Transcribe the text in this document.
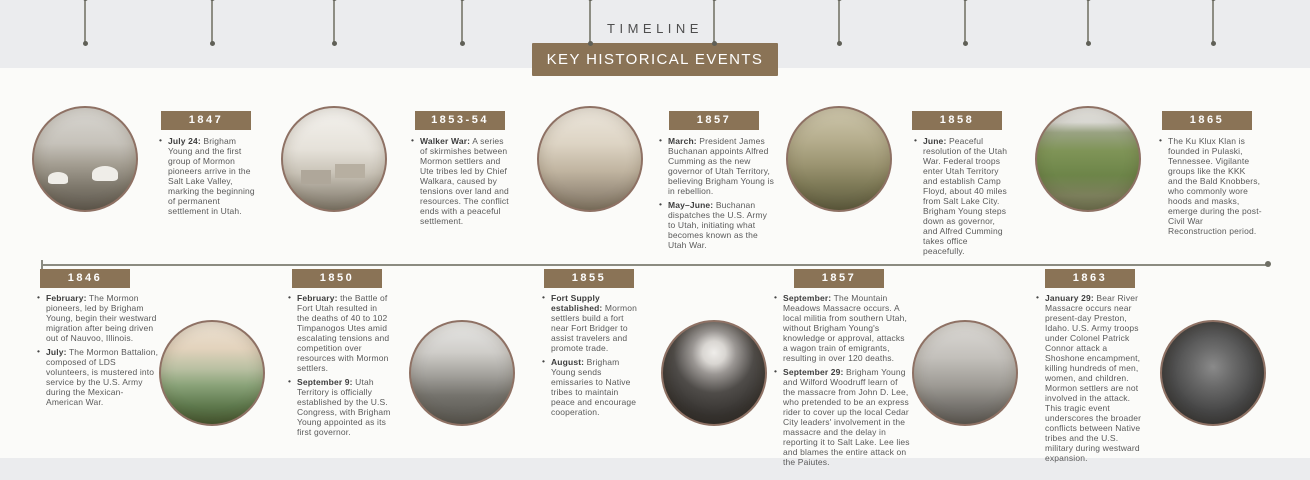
TIMELINE
KEY HISTORICAL EVENTS
1846
• February: The Mormon pioneers, led by Brigham Young, begin their westward migration after being driven out of Nauvoo, Illinois.
• July: The Mormon Battalion, composed of LDS volunteers, is mustered into service by the U.S. Army during the Mexican-American War.
1847
• July 24: Brigham Young and the first group of Mormon pioneers arrive in the Salt Lake Valley, marking the beginning of permanent settlement in Utah.
1850
• February: the Battle of Fort Utah resulted in the deaths of 40 to 102 Timpanogos Utes amid escalating tensions and competition over resources with Mormon settlers.
• September 9: Utah Territory is officially established by the U.S. Congress, with Brigham Young appointed as its first governor.
1853-54
• Walker War: A series of skirmishes between Mormon settlers and Ute tribes led by Chief Walkara, caused by tensions over land and resources. The conflict ends with a peaceful settlement.
1855
• Fort Supply established: Mormon settlers build a fort near Fort Bridger to assist travelers and promote trade.
• August: Brigham Young sends emissaries to Native tribes to maintain peace and encourage cooperation.
1857
• March: President James Buchanan appoints Alfred Cumming as the new governor of Utah Territory, believing Brigham Young is in rebellion.
• May–June: Buchanan dispatches the U.S. Army to Utah, initiating what becomes known as the Utah War.
1857
• September: The Mountain Meadows Massacre occurs. A local militia from southern Utah, without Brigham Young's knowledge or approval, attacks a wagon train of emigrants, resulting in over 120 deaths.
• September 29: Brigham Young and Wilford Woodruff learn of the massacre from John D. Lee, who pretended to be an express rider to cover up the local Cedar City leaders' involvement in the massacre and the delay in reporting it to Salt Lake. Lee lies and blames the entire attack on the Paiutes.
1858
• June: Peaceful resolution of the Utah War. Federal troops enter Utah Territory and establish Camp Floyd, about 40 miles from Salt Lake City. Brigham Young steps down as governor, and Alfred Cumming takes office peacefully.
1863
• January 29: Bear River Massacre occurs near present-day Preston, Idaho. U.S. Army troops under Colonel Patrick Connor attack a Shoshone encampment, killing hundreds of men, women, and children. Mormon settlers are not involved in the attack. This tragic event underscores the broader conflicts between Native tribes and the U.S. military during westward expansion.
1865
• The Ku Klux Klan is founded in Pulaski, Tennessee. Vigilante groups like the KKK and the Bald Knobbers, who commonly wore hoods and masks, emerge during the post-Civil War Reconstruction period.
